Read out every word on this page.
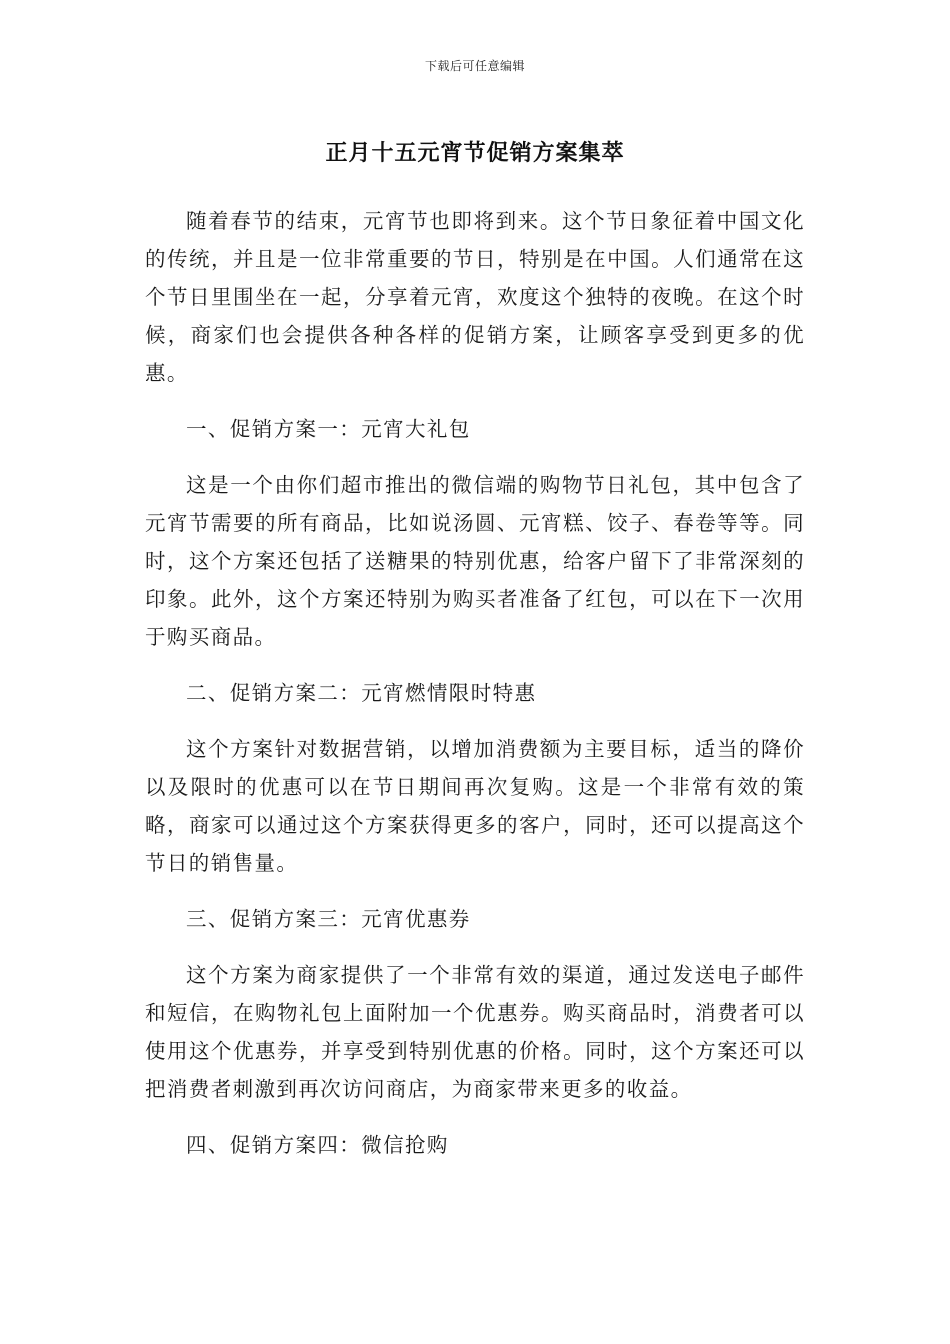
下载后可任意编辑
正月十五元宵节促销方案集萃

随着春节的结束，元宵节也即将到来。这个节日象征着中国文化的传统，并且是一位非常重要的节日，特别是在中国。人们通常在这个节日里围坐在一起，分享着元宵，欢度这个独特的夜晚。在这个时候，商家们也会提供各种各样的促销方案，让顾客享受到更多的优惠。

一、促销方案一：元宵大礼包

这是一个由你们超市推出的微信端的购物节日礼包，其中包含了元宵节需要的所有商品，比如说汤圆、元宵糕、饺子、春卷等等。同时，这个方案还包括了送糖果的特别优惠，给客户留下了非常深刻的印象。此外，这个方案还特别为购买者准备了红包，可以在下一次用于购买商品。

二、促销方案二：元宵燃情限时特惠

这个方案针对数据营销，以增加消费额为主要目标，适当的降价以及限时的优惠可以在节日期间再次复购。这是一个非常有效的策略，商家可以通过这个方案获得更多的客户，同时，还可以提高这个节日的销售量。

三、促销方案三：元宵优惠券

这个方案为商家提供了一个非常有效的渠道，通过发送电子邮件和短信，在购物礼包上面附加一个优惠券。购买商品时，消费者可以使用这个优惠券，并享受到特别优惠的价格。同时，这个方案还可以把消费者刺激到再次访问商店，为商家带来更多的收益。

四、促销方案四：微信抢购
